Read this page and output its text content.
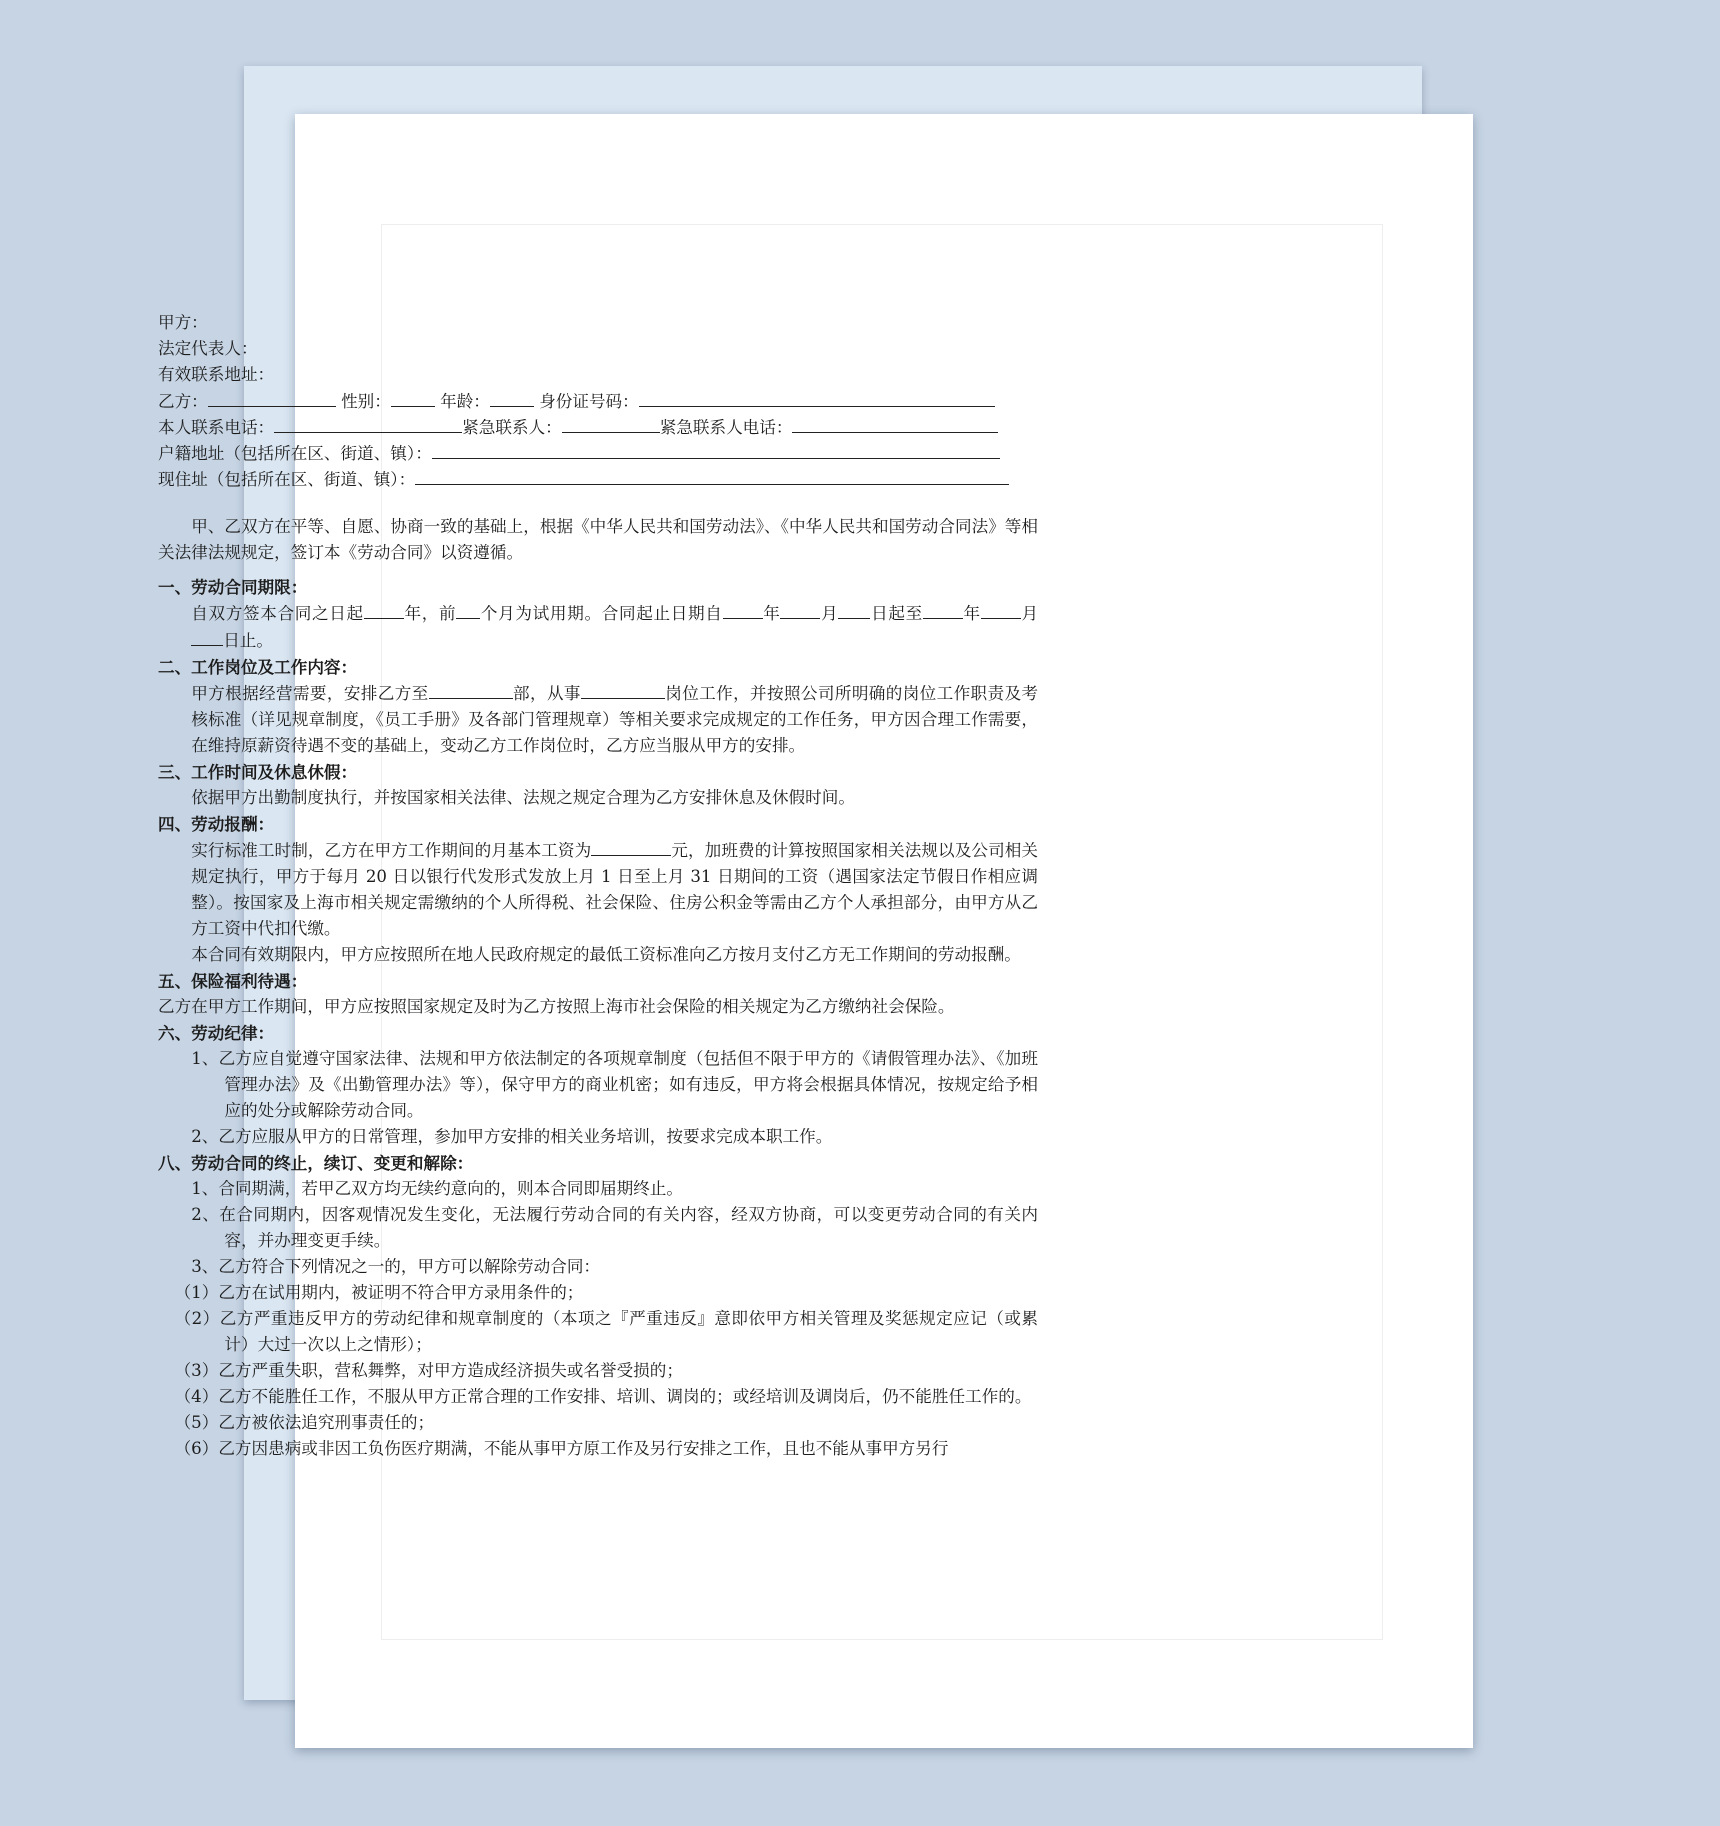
甲方：
法定代表人：
有效联系地址：
乙方：	性别：	年龄：	身份证号码：
本人联系电话：	紧急联系人：	紧急联系人电话：
户籍地址（包括所在区、街道、镇）：
现住址（包括所在区、街道、镇）：
甲、乙双方在平等、自愿、协商一致的基础上，根据《中华人民共和国劳动法》、《中华人民共和国劳动合同法》等相关法律法规规定，签订本《劳动合同》以资遵循。
一、劳动合同期限：
自双方签本合同之日起 年，前 个月为试用期。合同起止日期自 年 月 日起至 年 月日止。
二、工作岗位及工作内容：
甲方根据经营需要，安排乙方至	部，从事	岗位工作，并按照公司所明确的岗位工作职责及考核标准（详见规章制度，《员工手册》及各部门管理规章）等相关要求完成规定的工作任务，甲方因合理工作需要，在维持原薪资待遇不变的基础上，变动乙方工作岗位时，乙方应当服从甲方的安排。
三、工作时间及休息休假：
依据甲方出勤制度执行，并按国家相关法律、法规之规定合理为乙方安排休息及休假时间。
四、劳动报酬：
实行标准工时制，乙方在甲方工作期间的月基本工资为	元，加班费的计算按照国家相关法规以及公司相关规定执行，甲方于每月 20 日以银行代发形式发放上月 1 日至上月 31 日期间的工资（遇国家法定节假日作相应调整）。按国家及上海市相关规定需缴纳的个人所得税、社会保险、住房公积金等需由乙方个人承担部分，由甲方从乙方工资中代扣代缴。
本合同有效期限内，甲方应按照所在地人民政府规定的最低工资标准向乙方按月支付乙方无工作期间的劳动报酬。
五、保险福利待遇：
乙方在甲方工作期间，甲方应按照国家规定及时为乙方按照上海市社会保险的相关规定为乙方缴纳社会保险。
六、劳动纪律：
1、乙方应自觉遵守国家法律、法规和甲方依法制定的各项规章制度（包括但不限于甲方的《请假管理办法》、《加班管理办法》及《出勤管理办法》等），保守甲方的商业机密；如有违反，甲方将会根据具体情况，按规定给予相应的处分或解除劳动合同。
2、乙方应服从甲方的日常管理，参加甲方安排的相关业务培训，按要求完成本职工作。
八、劳动合同的终止，续订、变更和解除：
1、合同期满，若甲乙双方均无续约意向的，则本合同即届期终止。
2、在合同期内，因客观情况发生变化，无法履行劳动合同的有关内容，经双方协商，可以变更劳动合同的有关内容，并办理变更手续。
3、乙方符合下列情况之一的，甲方可以解除劳动合同：
（1）乙方在试用期内，被证明不符合甲方录用条件的；
（2）乙方严重违反甲方的劳动纪律和规章制度的（本项之『严重违反』意即依甲方相关管理及奖惩规定应记（或累计）大过一次以上之情形）；
（3）乙方严重失职，营私舞弊，对甲方造成经济损失或名誉受损的；
（4）乙方不能胜任工作，不服从甲方正常合理的工作安排、培训、调岗的；或经培训及调岗后，仍不能胜任工作的。
（5）乙方被依法追究刑事责任的；
（6）乙方因患病或非因工负伤医疗期满，不能从事甲方原工作及另行安排之工作，且也不能从事甲方另行
